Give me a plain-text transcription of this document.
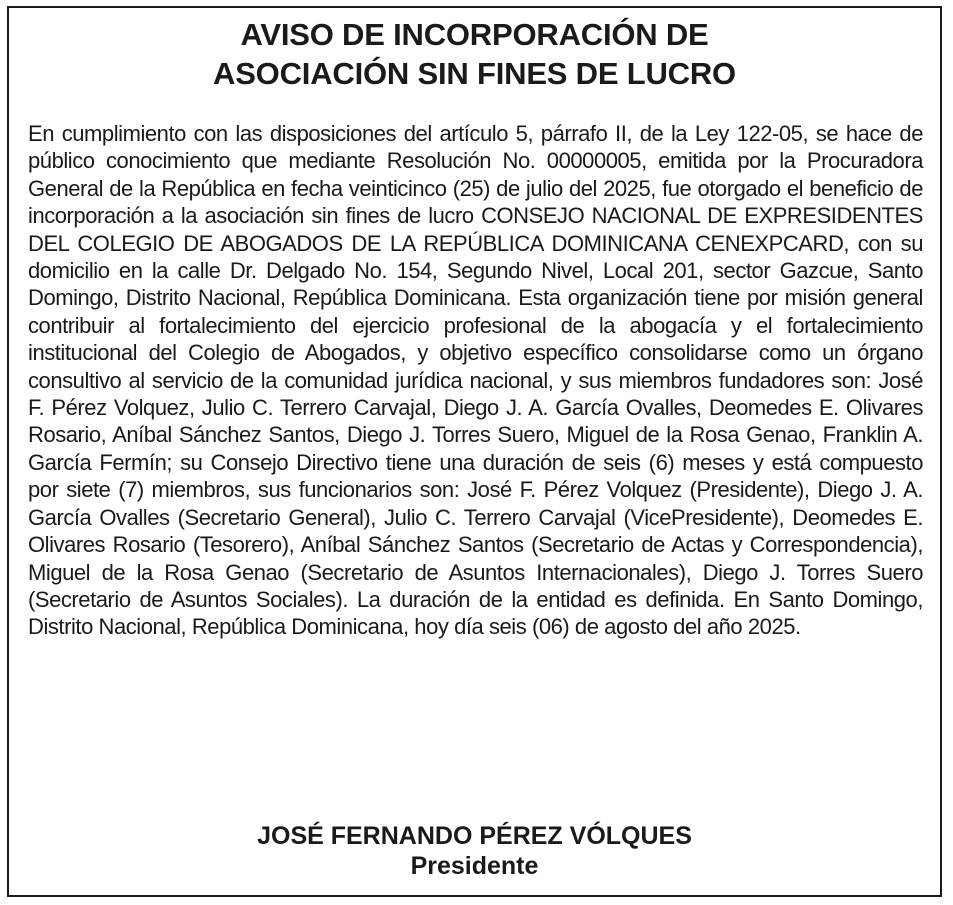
AVISO DE INCORPORACIÓN DE
ASOCIACIÓN SIN FINES DE LUCRO

En cumplimiento con las disposiciones del artículo 5, párrafo II, de la Ley 122-05, se hace de público conocimiento que mediante Resolución No. 00000005, emitida por la Procuradora General de la República en fecha veinticinco (25) de julio del 2025, fue otorgado el beneficio de incorporación a la asociación sin fines de lucro CONSEJO NACIONAL DE EXPRESIDENTES DEL COLEGIO DE ABOGADOS DE LA REPÚBLICA DOMINICANA CENEXPCARD, con su domicilio en la calle Dr. Delgado No. 154, Segundo Nivel, Local 201, sector Gazcue, Santo Domingo, Distrito Nacional, República Dominicana. Esta organización tiene por misión general contribuir al fortalecimiento del ejercicio profesional de la abogacía y el fortalecimiento institucional del Colegio de Abogados, y objetivo específico consolidarse como un órgano consultivo al servicio de la comunidad jurídica nacional, y sus miembros fundadores son: José F. Pérez Volquez, Julio C. Terrero Carvajal, Diego J. A. García Ovalles, Deomedes E. Olivares Rosario, Aníbal Sánchez Santos, Diego J. Torres Suero, Miguel de la Rosa Genao, Franklin A. García Fermín; su Consejo Directivo tiene una duración de seis (6) meses y está compuesto por siete (7) miembros, sus funcionarios son: José F. Pérez Volquez (Presidente), Diego J. A. García Ovalles (Secretario General), Julio C. Terrero Carvajal (VicePresidente), Deomedes E. Olivares Rosario (Tesorero), Aníbal Sánchez Santos (Secretario de Actas y Correspondencia), Miguel de la Rosa Genao (Secretario de Asuntos Internacionales), Diego J. Torres Suero (Secretario de Asuntos Sociales). La duración de la entidad es definida. En Santo Domingo, Distrito Nacional, República Dominicana, hoy día seis (06) de agosto del año 2025.

JOSÉ FERNANDO PÉREZ VÓLQUES
Presidente
